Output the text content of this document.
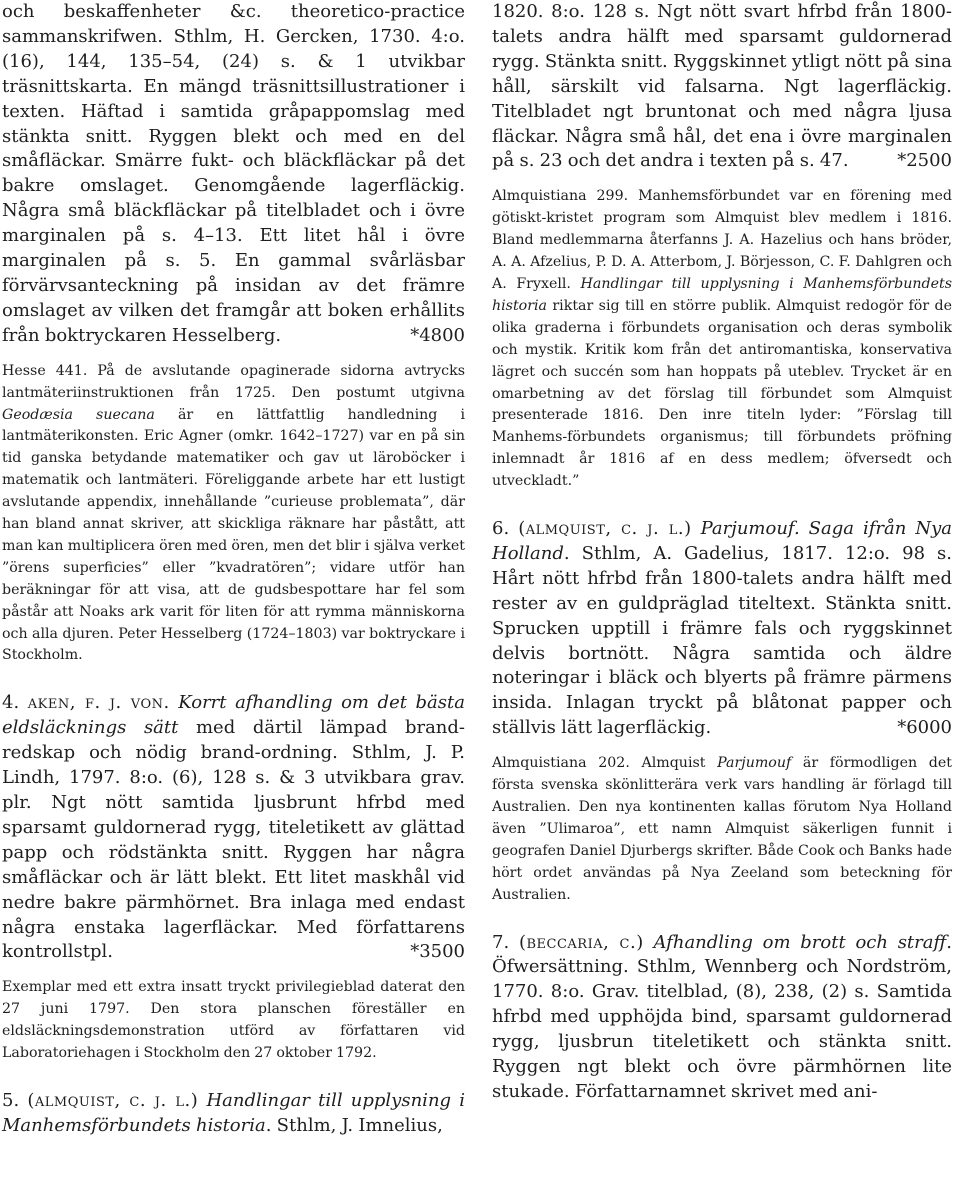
och beskaffenheter &c. theoretico-practice sammanskrifwen. Sthlm, H. Gercken, 1730. 4:o. (16), 144, 135–54, (24) s. & 1 utvikbar träsnittskarta. En mängd träsnittsillustrationer i texten. Häftad i samtida gråpappomslag med stänkta snitt. Ryggen blekt och med en del småfläckar. Smärre fukt- och bläckfläckar på det bakre omslaget. Genomgående lagerfläckig. Några små bläckfläckar på titelbladet och i övre marginalen på s. 4–13. Ett litet hål i övre marginalen på s. 5. En gammal svårläsbar förvärvsanteckning på insidan av det främre omslaget av vilken det framgår att boken erhållits från boktryckaren Hesselberg.	*4800

Hesse 441. På de avslutande opaginerade sidorna avtrycks lantmäteriinstruktionen från 1725. Den postumt utgivna Geodæsia suecana är en lättfattlig handledning i lantmäterikonsten. Eric Agner (omkr. 1642–1727) var en på sin tid ganska betydande matematiker och gav ut läroböcker i matematik och lantmäteri. Föreliggande arbete har ett lustigt avslutande appendix, innehållande ”curieuse problemata”, där han bland annat skriver, att skickliga räknare har påstått, att man kan multiplicera ören med ören, men det blir i själva verket ”örens superficies” eller ”kvadratören”; vidare utför han beräkningar för att visa, att de gudsbespottare har fel som påstår att Noaks ark varit för liten för att rymma människorna och alla djuren. Peter Hesselberg (1724–1803) var boktryckare i Stockholm.

4. aken, f. j. von. Korrt afhandling om det bästa eldsläcknings sätt med därtil lämpad brand-redskap och nödig brand-ordning. Sthlm, J. P. Lindh, 1797. 8:o. (6), 128 s. & 3 utvikbara grav. plr. Ngt nött samtida ljusbrunt hfrbd med sparsamt guldornerad rygg, titeletikett av glättad papp och rödstänkta snitt. Ryggen har några småfläckar och är lätt blekt. Ett litet maskhål vid nedre bakre pärmhörnet. Bra inlaga med endast några enstaka lagerfläckar. Med författarens kontrollstpl.	*3500

Exemplar med ett extra insatt tryckt privilegieblad daterat den 27 juni 1797. Den stora planschen föreställer en eldsläckningsdemonstration utförd av författaren vid Laboratoriehagen i Stockholm den 27 oktober 1792.

5. (almquist, c. j. l.) Handlingar till upplysning i Manhemsförbundets historia. Sthlm, J. Imnelius,

1820. 8:o. 128 s. Ngt nött svart hfrbd från 1800-talets andra hälft med sparsamt guldornerad rygg. Stänkta snitt. Ryggskinnet ytligt nött på sina håll, särskilt vid falsarna. Ngt lagerfläckig. Titelbladet ngt bruntonat och med några ljusa fläckar. Några små hål, det ena i övre marginalen på s. 23 och det andra i texten på s. 47.	*2500

Almquistiana 299. Manhemsförbundet var en förening med götiskt-kristet program som Almquist blev medlem i 1816. Bland medlemmarna återfanns J. A. Hazelius och hans bröder, A. A. Afzelius, P. D. A. Atterbom, J. Börjesson, C. F. Dahlgren och A. Fryxell. Handlingar till upplysning i Manhemsförbundets historia riktar sig till en större publik. Almquist redogör för de olika graderna i förbundets organisation och deras symbolik och mystik. Kritik kom från det antiromantiska, konservativa lägret och succén som han hoppats på uteblev. Trycket är en omarbetning av det förslag till förbundet som Almquist presenterade 1816. Den inre titeln lyder: ”Förslag till Manhems-förbundets organismus; till förbundets pröfning inlemnadt år 1816 af en dess medlem; öfversedt och utveckladt.”

6. (almquist, c. j. l.) Parjumouf. Saga ifrån Nya Holland. Sthlm, A. Gadelius, 1817. 12:o. 98 s. Hårt nött hfrbd från 1800-talets andra hälft med rester av en guldpräglad titeltext. Stänkta snitt. Sprucken upptill i främre fals och ryggskinnet delvis bortnött. Några samtida och äldre noteringar i bläck och blyerts på främre pärmens insida. Inlagan tryckt på blåtonat papper och ställvis lätt lagerfläckig.	*6000

Almquistiana 202. Almquist Parjumouf är förmodligen det första svenska skönlitterära verk vars handling är förlagd till Australien. Den nya kontinenten kallas förutom Nya Holland även ”Ulimaroa”, ett namn Almquist säkerligen funnit i geografen Daniel Djurbergs skrifter. Både Cook och Banks hade hört ordet användas på Nya Zeeland som beteckning för Australien.

7. (beccaria, c.) Afhandling om brott och straff. Öfwersättning. Sthlm, Wennberg och Nordström, 1770. 8:o. Grav. titelblad, (8), 238, (2) s. Samtida hfrbd med upphöjda bind, sparsamt guldornerad rygg, ljusbrun titeletikett och stänkta snitt. Ryggen ngt blekt och övre pärmhörnen lite stukade. Författarnamnet skrivet med ani-
